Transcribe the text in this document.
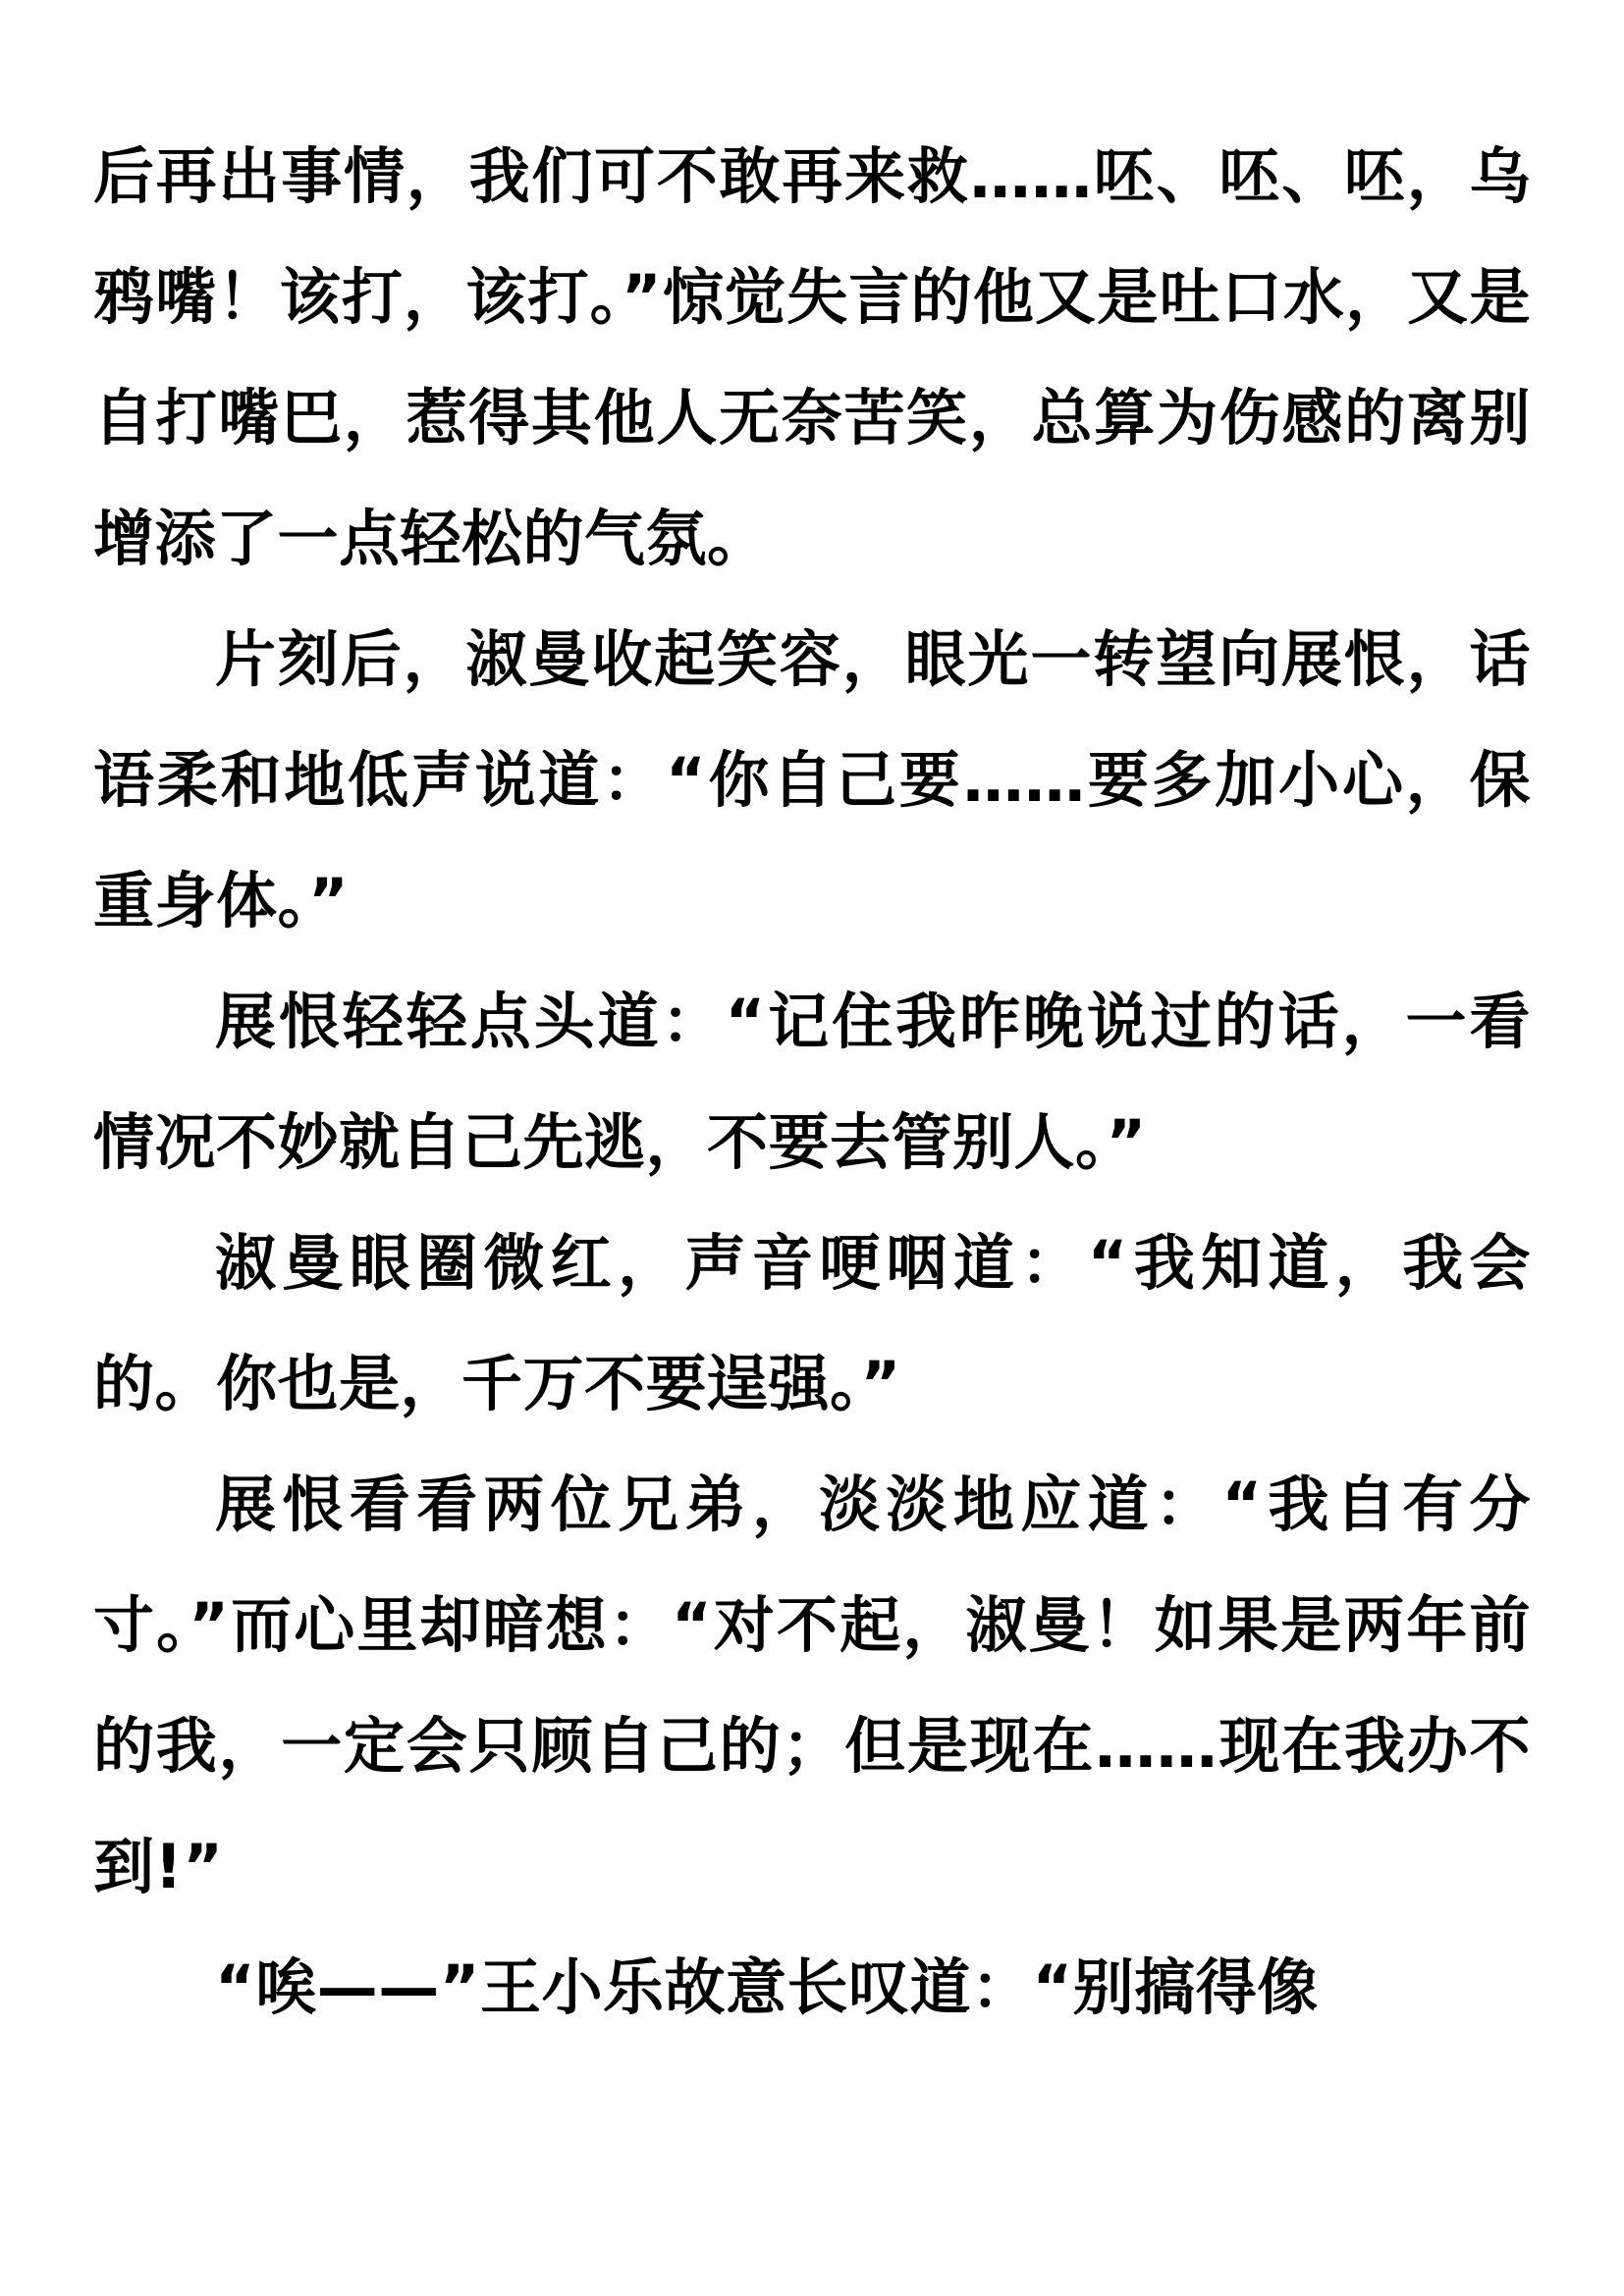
后再出事情，我们可不敢再来救……呸、呸、呸，乌鸦嘴！该打，该打。”惊觉失言的他又是吐口水，又是自打嘴巴，惹得其他人无奈苦笑，总算为伤感的离别增添了一点轻松的气氛。

片刻后，淑曼收起笑容，眼光一转望向展恨，话语柔和地低声说道：“你自己要……要多加小心，保重身体。”

展恨轻轻点头道：“记住我昨晚说过的话，一看情况不妙就自己先逃，不要去管别人。”

淑曼眼圈微红，声音哽咽道：“我知道，我会的。你也是，千万不要逞强。”

展恨看看两位兄弟，淡淡地应道：“我自有分寸。”而心里却暗想：“对不起，淑曼！如果是两年前的我，一定会只顾自己的；但是现在……现在我办不到!”

“唉——”王小乐故意长叹道：“别搞得像
